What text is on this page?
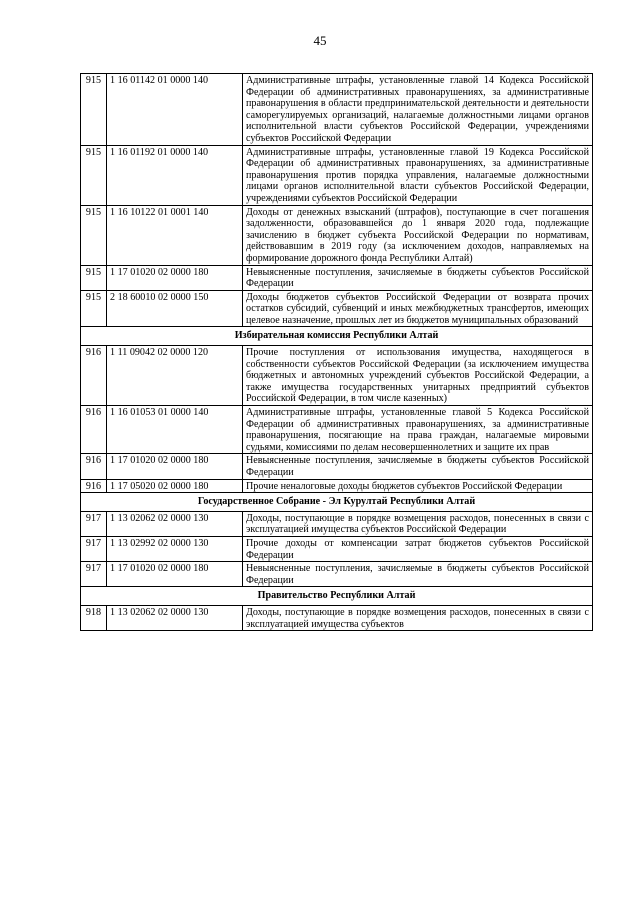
45
915	1 16 01142 01 0000 140	Административные штрафы, установленные главой 14 Кодекса Российской Федерации об административных правонарушениях, за административные правонарушения в области предпринимательской деятельности и деятельности саморегулируемых организаций, налагаемые должностными лицами органов исполнительной власти субъектов Российской Федерации, учреждениями субъектов Российской Федерации
915	1 16 01192 01 0000 140	Административные штрафы, установленные главой 19 Кодекса Российской Федерации об административных правонарушениях, за административные правонарушения против порядка управления, налагаемые должностными лицами органов исполнительной власти субъектов Российской Федерации, учреждениями субъектов Российской Федерации
915	1 16 10122 01 0001 140	Доходы от денежных взысканий (штрафов), поступающие в счет погашения задолженности, образовавшейся до 1 января 2020 года, подлежащие зачислению в бюджет субъекта Российской Федерации по нормативам, действовавшим в 2019 году (за исключением доходов, направляемых на формирование дорожного фонда Республики Алтай)
915	1 17 01020 02 0000 180	Невыясненные поступления, зачисляемые в бюджеты субъектов Российской Федерации
915	2 18 60010 02 0000 150	Доходы бюджетов субъектов Российской Федерации от возврата прочих остатков субсидий, субвенций и иных межбюджетных трансфертов, имеющих целевое назначение, прошлых лет из бюджетов муниципальных образований
Избирательная комиссия Республики Алтай		
916	1 11 09042 02 0000 120	Прочие поступления от использования имущества, находящегося в собственности субъектов Российской Федерации (за исключением имущества бюджетных и автономных учреждений субъектов Российской Федерации, а также имущества государственных унитарных предприятий субъектов Российской Федерации, в том числе казенных)
916	1 16 01053 01 0000 140	Административные штрафы, установленные главой 5 Кодекса Российской Федерации об административных правонарушениях, за административные правонарушения, посягающие на права граждан, налагаемые мировыми судьями, комиссиями по делам несовершеннолетних и защите их прав
916	1 17 01020 02 0000 180	Невыясненные поступления, зачисляемые в бюджеты субъектов Российской Федерации
916	1 17 05020 02 0000 180	Прочие неналоговые доходы бюджетов субъектов Российской Федерации
Государственное Собрание - Эл Курултай Республики Алтай		
917	1 13 02062 02 0000 130	Доходы, поступающие в порядке возмещения расходов, понесенных в связи с эксплуатацией имущества субъектов Российской Федерации
917	1 13 02992 02 0000 130	Прочие доходы от компенсации затрат бюджетов субъектов Российской Федерации
917	1 17 01020 02 0000 180	Невыясненные поступления, зачисляемые в бюджеты субъектов Российской Федерации
Правительство Республики Алтай		
918	1 13 02062 02 0000 130	Доходы, поступающие в порядке возмещения расходов, понесенных в связи с эксплуатацией имущества субъектов
